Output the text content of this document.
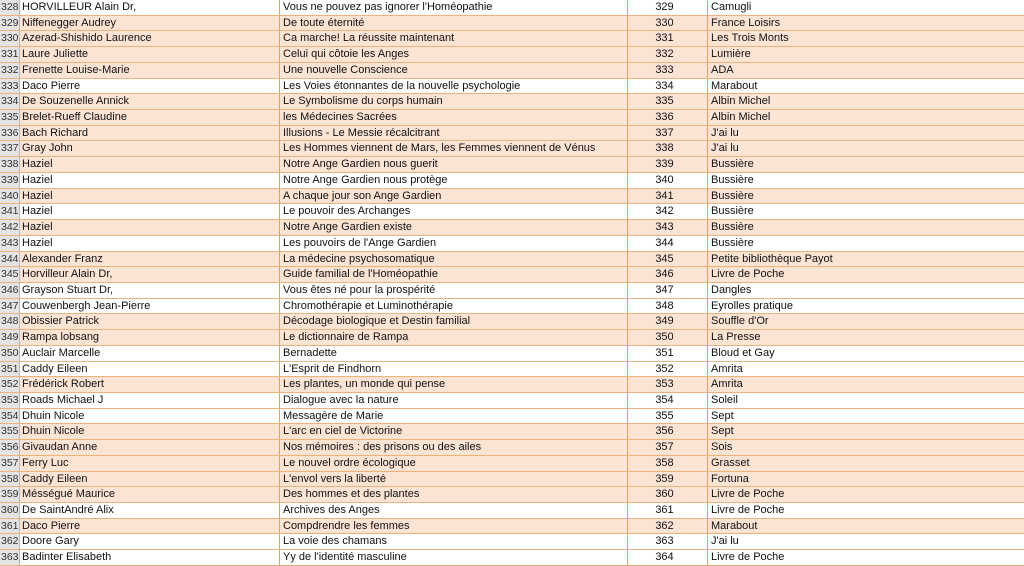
328 HORVILLEUR Alain Dr,	Vous ne pouvez pas ignorer l'Homéopathie	329	Camugli
329 Niffenegger Audrey	De toute éternité	330	France Loisirs
330 Azerad-Shishido Laurence	Ca marche! La réussite maintenant	331	Les Trois Monts
331 Laure Juliette	Celui qui côtoie les Anges	332	Lumière
332 Frenette Louise-Marie	Une nouvelle Conscience	333	ADA
333 Daco Pierre	Les Voies étonnantes de la nouvelle psychologie	334	Marabout
334 De Souzenelle Annick	Le Symbolisme du corps humain	335	Albin Michel
335 Brelet-Rueff Claudine	les Médecines Sacrées	336	Albin Michel
336 Bach Richard	Illusions - Le Messie récalcitrant	337	J'ai lu
337 Gray John	Les Hommes viennent de Mars, les Femmes viennent de Vénus	338	J'ai lu
338 Haziel	Notre Ange Gardien nous guerit	339	Bussière
339 Haziel	Notre Ange Gardien nous protège	340	Bussière
340 Haziel	A chaque jour son Ange Gardien	341	Bussière
341 Haziel	Le pouvoir des Archanges	342	Bussière
342 Haziel	Notre Ange Gardien existe	343	Bussière
343 Haziel	Les pouvoirs de l'Ange Gardien	344	Bussière
344 Alexander Franz	La médecine psychosomatique	345	Petite bibliothèque Payot
345 Horvilleur Alain Dr,	Guide familial de l'Homéopathie	346	Livre de Poche
346 Grayson Stuart Dr,	Vous êtes né pour la prospérité	347	Dangles
347 Couwenbergh Jean-Pierre	Chromothérapie et Luminothérapie	348	Eyrolles pratique
348 Obissier Patrick	Décodage biologique et Destin familial	349	Souffle d'Or
349 Rampa lobsang	Le dictionnaire de Rampa	350	La Presse
350 Auclair Marcelle	Bernadette	351	Bloud et Gay
351 Caddy Eileen	L'Esprit de Findhorn	352	Amrita
352 Frédérick Robert	Les plantes, un monde qui pense	353	Amrita
353 Roads Michael J	Dialogue avec la nature	354	Soleil
354 Dhuin Nicole	Messagère de Marie	355	Sept
355 Dhuin Nicole	L'arc en ciel de Victorine	356	Sept
356 Givaudan Anne	Nos mémoires : des prisons ou des ailes	357	Sois
357 Ferry Luc	Le nouvel ordre écologique	358	Grasset
358 Caddy Eileen	L'envol vers la liberté	359	Fortuna
359 Mésségué Maurice	Des hommes et des plantes	360	Livre de Poche
360 De SaintAndré Alix	Archives des Anges	361	Livre de Poche
361 Daco Pierre	Compdrendre les femmes	362	Marabout
362 Doore Gary	La voie des chamans	363	J'ai lu
363 Badinter Elisabeth	Yy de l'identité masculine	364	Livre de Poche
